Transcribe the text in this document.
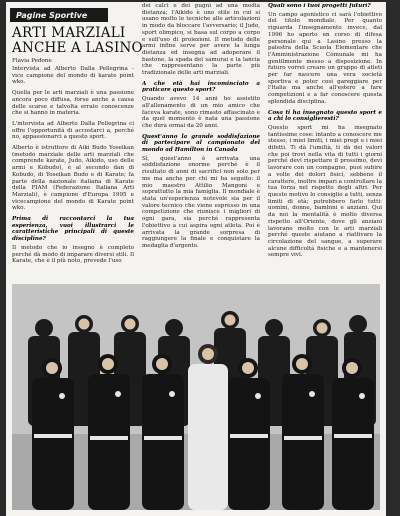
Pagine Sportive
ARTI MARZIALI
ANCHE A LASINO
Flavia Pedone

Intervista ad Alberto Dalla Pellegrina - vice campione del mondo di karate point wko.

Quella per le arti marziali è una passione ancora poco diffusa, forse anche a causa delle scarse e talvolta errate conoscenze che si hanno in materia.

L'intervista ad Alberto Dalla Pellegrina ci offre l'opportunità di accostarci a, perché no, appassionarci a questo sport.

Alberto è istruttore di Aiki Budo Yoseikan (metodo marziale delle arti marziali che comprende karate, Judo, Aikido, uso delle armi e Kobudo), è al secondo dan di Kobudo, di Yoseikan Budo e di Karate; fa parte della nazionale italiana di Karate della FIAM (Federazione Italiana Arti Marziali), è campione d'Europa 1995 e vicecampione del mondo di Karate point wko.

Prima di raccontarci la tua esperienza, vuoi illustrarci le caratteristiche principali di queste discipline?

Il metodo che io insegno è completo perché dà modo di imparare diversi stili. Il Karate, che è il più noto, prevede l'uso

dei calci e dei pugni ad una media distanza; l'Aikido è uno stile in cui si usano molto le tecniche alle articolazioni in modo da bloccare l'avversario; il Judo, sport olimpico, si basa sul corpo a corpo e sull'uso di proiezioni. Il metodo delle armi infine serve per avere la lunga distanza ed insegna ad adoperare il bastone, la spada del samurai e la lancia che rappresentano la parte più tradizionale delle arti marziali.

A che età hai incominciato a praticare questo sport?

Quando avevo 14 anni ho assistito all'allenamento di un mio amico che faceva karate, sono rimasto affascinato e da quel momento è nata una passione che dura ormai da 20 anni.

Quest'anno la grande soddisfazione di partecipare al campionato del mondo ad Hamilton in Canada

Sì, quest'anno è arrivata una soddisfazione enorme perché è il risultato di anni di sacrifici non solo per me ma anche per chi mi ha seguito: il mio maestro Attilio Mangoni e soprattutto la mia famiglia. Il mondiale è stata un'esperienza notevole sia per il valore tecnico che viene espresso in una competizione che riunisce i migliori di ogni gara, sia perché rappresenta l'obiettivo a cui aspira ogni atleta. Poi è arrivata la grande sorpresa di raggiungere la finale e conquistare la medaglia d'argento.

Quali sono i tuoi progetti futuri?

Un campo agonistico ci sarà l'obiettivo del titolo mondiale. Per quanto riguarda l'insegnamento invece, dal 1996 ho aperto un corso di difesa personale qui a Lasino presso la palestra della Scuola Elementare che l'Amministrazione Comunale mi ha gentilmente messo a disposizione. In futuro vorrei creare un gruppo di atleti per far nascere una vera società sportiva e poter così gareggiare per l'Italia ma anche all'estero a fare competizioni e a far conoscere questa splendida disciplina.

Cosa ti ha insegnato questo sport e a chi lo consiglieresti?

Questo sport mi ha insegnato tantissime cose: intanto a conoscere me stesso, i miei limiti, i miei pregi e i miei difetti. Ti dà l'umiltà, ti dà dei valori che poi trovi nella vita di tutti i giorni perché devi rispettare il prossimo, devi lavorare con un compagno, puoi subire a volte dei dolori fisici, sebbene il carattere, inoltre impari a controllare la tua forza nel rispetto degli altri. Per questo motivo lo consiglio a tutti, senza limiti di età; potrebbero farlo tutti: uomini, donne, bambini e anziani. Qui da noi la mentalità è molto diversa rispetto all'Oriente, dove gli anziani lavorano molto con le arti marziali perché queste aiutano a riattivare la circolazione del sangue, a superare alcune difficoltà fisiche e a mantenersi sempre vivi.
